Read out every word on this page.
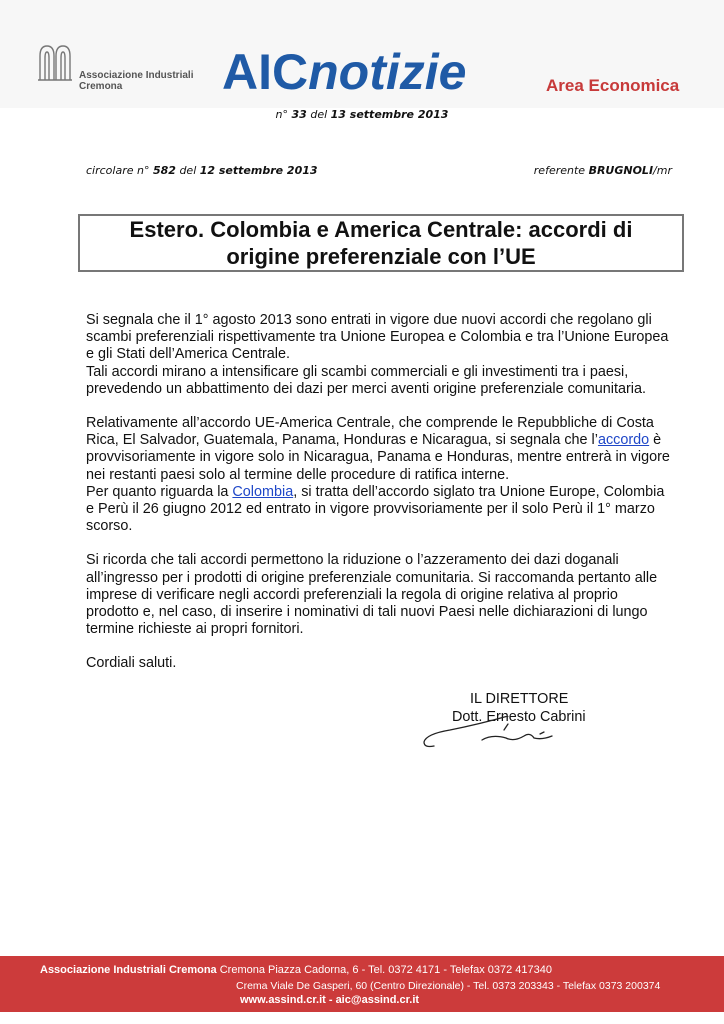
Associazione Industriali
Cremona	AICnotizie	Area Economica
n° 33 del 13 settembre 2013
circolare n° 582 del 12 settembre 2013	referente BRUGNOLI/mr
Estero. Colombia e America Centrale: accordi di
origine preferenziale con l’UE

Si segnala che il 1° agosto 2013 sono entrati in vigore due nuovi accordi che regolano gli
scambi preferenziali rispettivamente tra Unione Europea e Colombia e tra l’Unione Europea
e gli Stati dell’America Centrale.
Tali accordi mirano a intensificare gli scambi commerciali e gli investimenti tra i paesi,
prevedendo un abbattimento dei dazi per merci aventi origine preferenziale comunitaria.

Relativamente all’accordo UE-America Centrale, che comprende le Repubbliche di Costa
Rica, El Salvador, Guatemala, Panama, Honduras e Nicaragua, si segnala che l’accordo è
provvisoriamente in vigore solo in Nicaragua, Panama e Honduras, mentre entrerà in vigore
nei restanti paesi solo al termine delle procedure di ratifica interne.
Per quanto riguarda la Colombia, si tratta dell’accordo siglato tra Unione Europe, Colombia
e Perù il 26 giugno 2012 ed entrato in vigore provvisoriamente per il solo Perù il 1° marzo
scorso.

Si ricorda che tali accordi permettono la riduzione o l’azzeramento dei dazi doganali
all’ingresso per i prodotti di origine preferenziale comunitaria. Si raccomanda pertanto alle
imprese di verificare negli accordi preferenziali la regola di origine relativa al proprio
prodotto e, nel caso, di inserire i nominativi di tali nuovi Paesi nelle dichiarazioni di lungo
termine richieste ai propri fornitori.

Cordiali saluti.

IL DIRETTORE
Dott. Ernesto Cabrini
Associazione Industriali Cremona Cremona Piazza Cadorna, 6 - Tel. 0372 4171 - Telefax 0372 417340
Crema Viale De Gasperi, 60 (Centro Direzionale) - Tel. 0373 203343 - Telefax 0373 200374
www.assind.cr.it - aic@assind.cr.it
